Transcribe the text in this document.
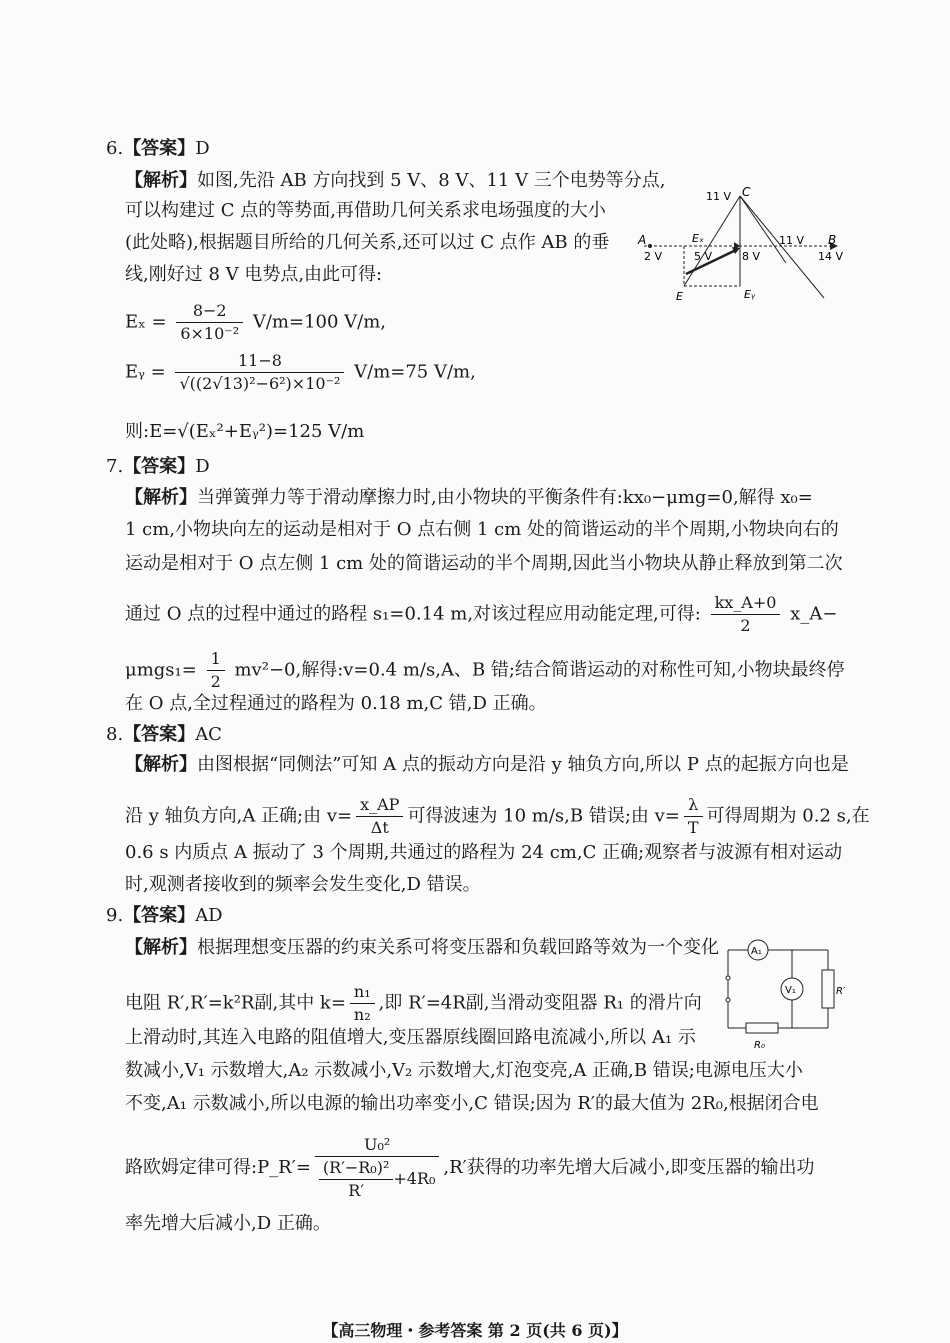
6.【答案】D
【解析】如图,先沿 AB 方向找到 5 V、8 V、11 V 三个电势等分点,
可以构建过 C 点的等势面,再借助几何关系求电场强度的大小
(此处略),根据题目所给的几何关系,还可以过 C 点作 AB 的垂
线,刚好过 8 V 电势点,由此可得:
$E_x = \frac{8-2}{\text{6×10⁻²}} V/m=100$ V/m,
Eᵧ = $\frac{11-8}{\text{√((2√13)²−6²)×10⁻²}} V/m=75$ V/m,
则:E=√(Eₓ²+Eᵧ²)=125 V/m
C
11 V
A	B
2 V	5 V	8 V
11 V
14 V
Eₓ
E	Eᵧ
7.【答案】D
【解析】当弹簧弹力等于滑动摩擦力时,由小物块的平衡条件有:kx₀−μmg=0,解得 x₀=
1 cm,小物块向左的运动是相对于 O 点右侧 1 cm 处的简谐运动的半个周期,小物块向右的
运动是相对于 O 点左侧 1 cm 处的简谐运动的半个周期,因此当小物块从静止释放到第二次
通过 O 点的过程中通过的路程 s₁=0.14 m,对该过程应用动能定理,可得: $\frac{kx\_A+0}{2}$ x_A−
$\mu mgs_1= \frac{1}{2} mv^2-0$,解得:v=0.4 m/s,A、B 错;结合简谐运动的对称性可知,小物块最终停
在 O 点,全过程通过的路程为 0.18 m,C 错,D 正确。
8.【答案】AC
【解析】由图根据“同侧法”可知 A 点的振动方向是沿 y 轴负方向,所以 P 点的起振方向也是
沿 y 轴负方向,A 正确;由 $v= \frac{x\_AP}{\Delta t}$ 可得波速为 10 m/s,B 错误;由 $v= \frac{\lambda}{T}$ 可得周期为 0.2 s,在
0.6 s 内质点 A 振动了 3 个周期,共通过的路程为 24 cm,C 正确;观察者与波源有相对运动
时,观测者接收到的频率会发生变化,D 错误。
9.【答案】AD
【解析】根据理想变压器的约束关系可将变压器和负载回路等效为一个变化
电阻 R′,R′=k²R副,其中 $k= \frac{\text{n₁}}{\text{n₂}}$ ,即 R′=4R副,当滑动变阻器 R₁ 的滑片向
上滑动时,其连入电路的阻值增大,变压器原线圈回路电流减小,所以 A₁ 示
数减小,V₁ 示数增大,A₂ 示数减小,V₂ 示数增大,灯泡变亮,A 正确,B 错误;电源电压大小
不变,A₁ 示数减小,所以电源的输出功率变小,C 错误;因为 R′的最大值为 2R₀,根据闭合电
路欧姆定律可得:P_R′= $\frac{\text{U₀²}}{\frac{\text{(R′−R₀)²}}{R'} +4R_0} ,R'$获得的功率先增大后减小,即变压器的输出功
率先增大后减小,D 正确。
A₁
V₁	R′
R₀
【高三物理・参考答案 第 2 页(共 6 页)】
